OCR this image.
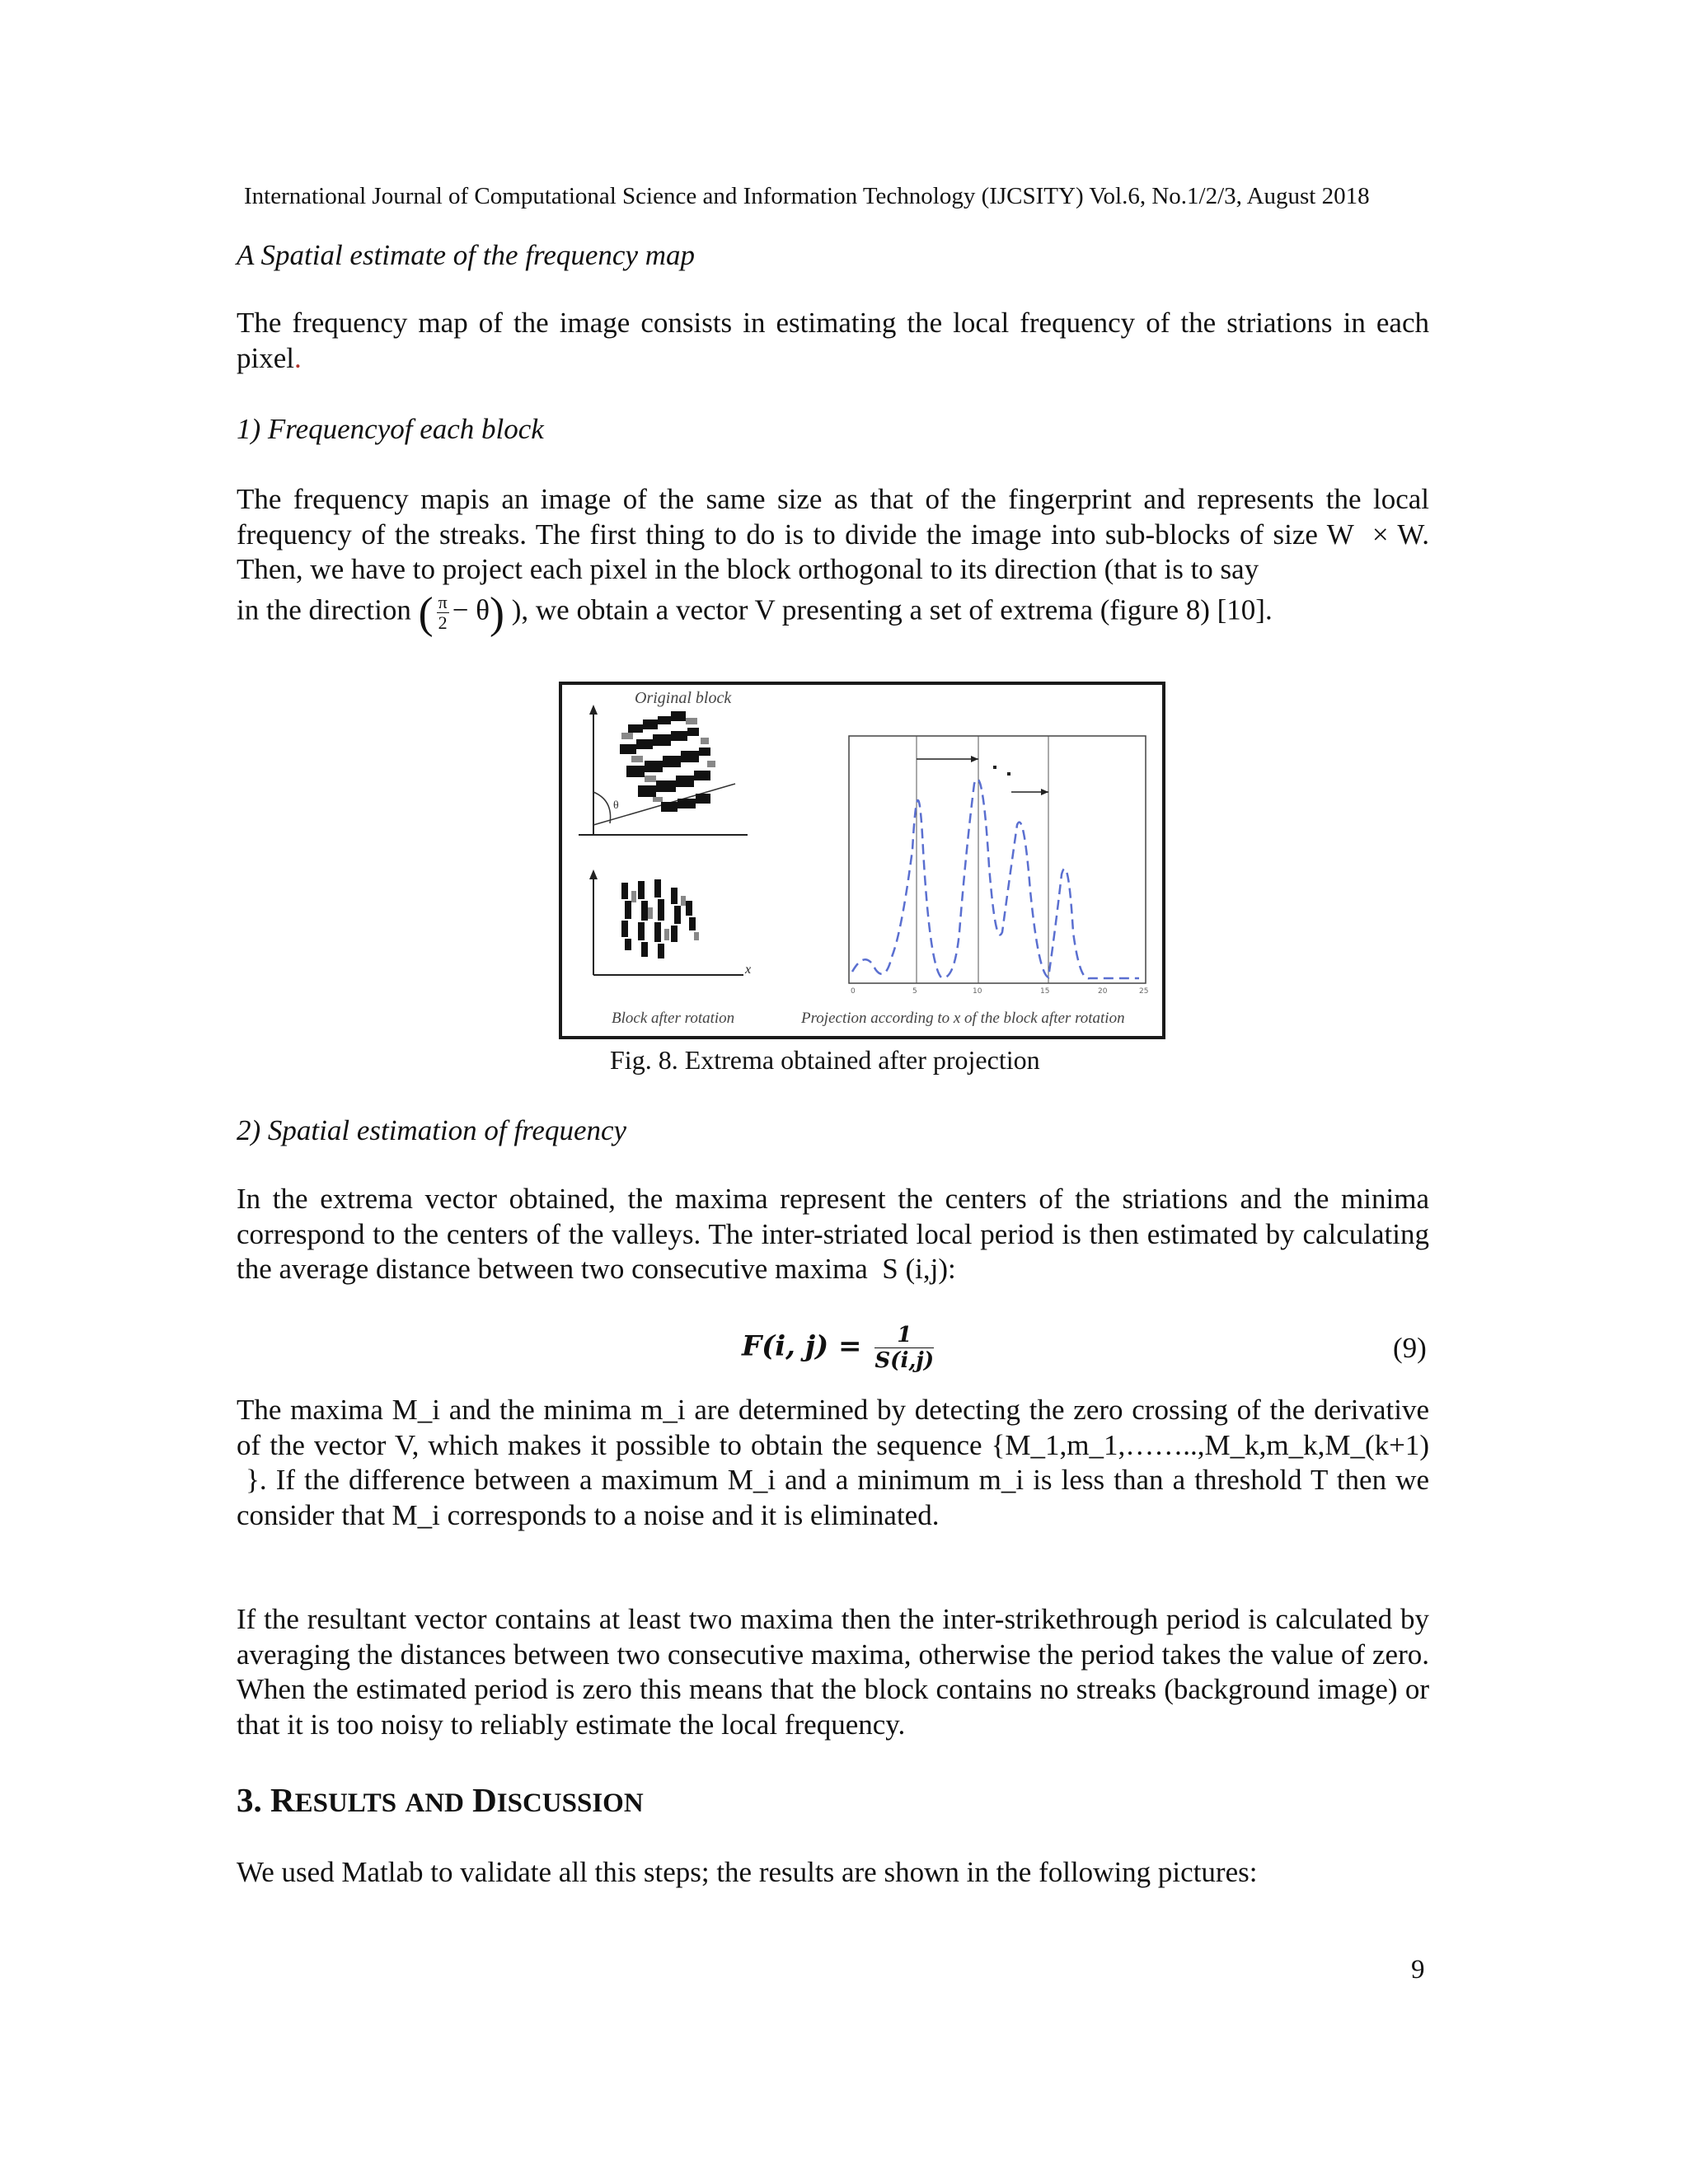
International Journal of Computational Science and Information Technology (IJCSITY) Vol.6, No.1/2/3, August 2018
A Spatial estimate of the frequency map
The frequency map of the image consists in estimating the local frequency of the striations in each pixel.
1) Frequencyof each block
The frequency mapis an image of the same size as that of the fingerprint and represents the local frequency of the streaks. The first thing to do is to divide the image into sub-blocks of size W  × W. Then, we have to project each pixel in the block orthogonal to its direction (that is to say
in the direction ( $\frac{\pi}{2} - \theta$) ), we obtain a vector V presenting a set of extrema (figure 8) [10].
Original block
θ
x
Block after rotation
0	5	10	15	20	25
Projection according to x of the block after rotation
Fig. 8. Extrema obtained after projection
2) Spatial estimation of frequency
In the extrema vector obtained, the maxima represent the centers of the striations and the minima correspond to the centers of the valleys. The inter-striated local period is then estimated by calculating the average distance between two consecutive maxima  S (i,j):
F(i, $j) = \frac{1}{S(i,j)}$	(9)
The maxima M_i and the minima m_i are determined by detecting the zero crossing of the derivative of the vector V, which makes it possible to obtain the sequence {M_1,m_1,……..,M_k,m_k,M_(k+1)  }. If the difference between a maximum M_i and a minimum m_i is less than a threshold T then we consider that M_i corresponds to a noise and it is eliminated.
If the resultant vector contains at least two maxima then the inter-strikethrough period is calculated by averaging the distances between two consecutive maxima, otherwise the period takes the value of zero. When the estimated period is zero this means that the block contains no streaks (background image) or that it is too noisy to reliably estimate the local frequency.
3. RESULTS AND DISCUSSION
We used Matlab to validate all this steps; the results are shown in the following pictures:
9
